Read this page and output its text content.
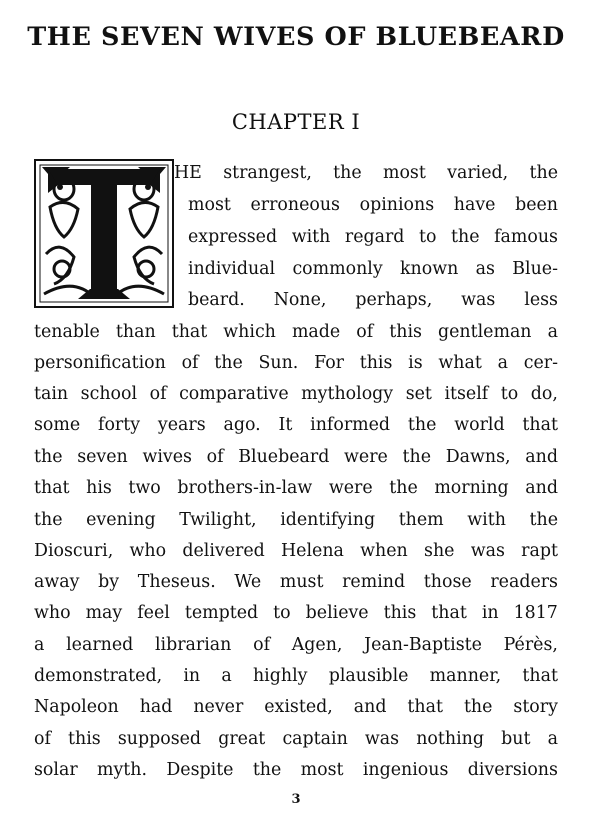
THE SEVEN WIVES OF BLUEBEARD
CHAPTER I
HE strangest, the most varied, the
most erroneous opinions have been
expressed with regard to the famous
individual commonly known as Blue-
beard. None, perhaps, was less
tenable than that which made of this gentleman a
personification of the Sun. For this is what a cer-
tain school of comparative mythology set itself to do,
some forty years ago. It informed the world that
the seven wives of Bluebeard were the Dawns, and
that his two brothers-in-law were the morning and
the evening Twilight, identifying them with the
Dioscuri, who delivered Helena when she was rapt
away by Theseus. We must remind those readers
who may feel tempted to believe this that in 1817
a learned librarian of Agen, Jean-Baptiste Pérès,
demonstrated, in a highly plausible manner, that
Napoleon had never existed, and that the story
of this supposed great captain was nothing but a
solar myth. Despite the most ingenious diversions
3
